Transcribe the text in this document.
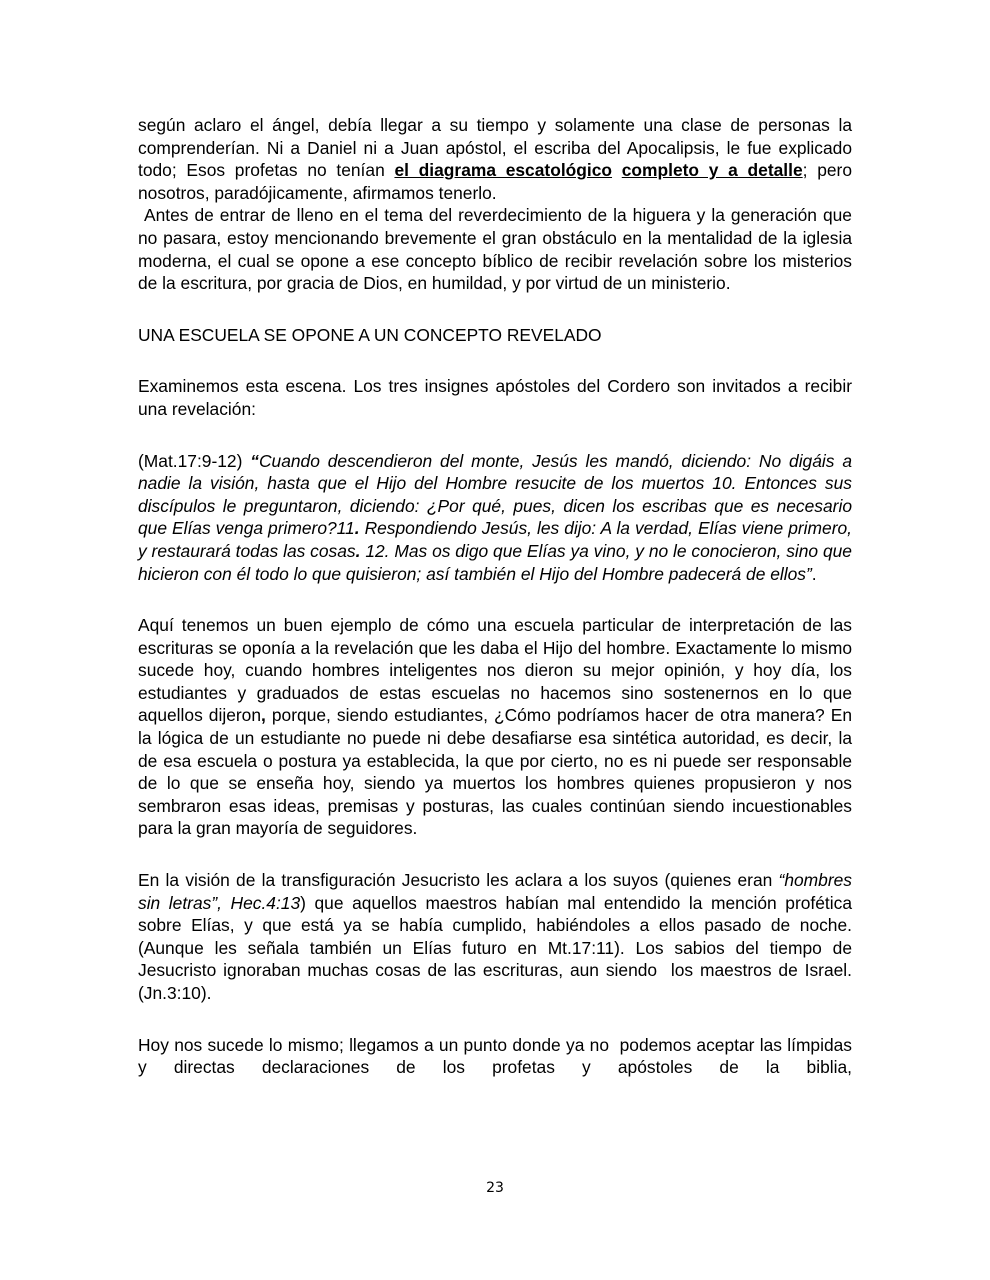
según aclaro el ángel, debía llegar a su tiempo y solamente una clase de personas la comprenderían. Ni a Daniel ni a Juan apóstol, el escriba del Apocalipsis, le fue explicado todo; Esos profetas no tenían el diagrama escatológico completo y a detalle; pero nosotros, paradójicamente, afirmamos tenerlo.

Antes de entrar de lleno en el tema del reverdecimiento de la higuera y la generación que no pasara, estoy mencionando brevemente el gran obstáculo en la mentalidad de la iglesia moderna, el cual se opone a ese concepto bíblico de recibir revelación sobre los misterios de la escritura, por gracia de Dios, en humildad, y por virtud de un ministerio.

UNA ESCUELA SE OPONE A UN CONCEPTO REVELADO

Examinemos esta escena. Los tres insignes apóstoles del Cordero son invitados a recibir una revelación:

(Mat.17:9-12) “Cuando descendieron del monte, Jesús les mandó, diciendo: No digáis a nadie la visión, hasta que el Hijo del Hombre resucite de los muertos 10. Entonces sus discípulos le preguntaron, diciendo: ¿Por qué, pues, dicen los escribas que es necesario que Elías venga primero?11. Respondiendo Jesús, les dijo: A la verdad, Elías viene primero, y restaurará todas las cosas. 12. Mas os digo que Elías ya vino, y no le conocieron, sino que hicieron con él todo lo que quisieron; así también el Hijo del Hombre padecerá de ellos”.

Aquí tenemos un buen ejemplo de cómo una escuela particular de interpretación de las escrituras se oponía a la revelación que les daba el Hijo del hombre. Exactamente lo mismo sucede hoy, cuando hombres inteligentes nos dieron su mejor opinión, y hoy día, los estudiantes y graduados de estas escuelas no hacemos sino sostenernos en lo que aquellos dijeron, porque, siendo estudiantes, ¿Cómo podríamos hacer de otra manera? En la lógica de un estudiante no puede ni debe desafiarse esa sintética autoridad, es decir, la de esa escuela o postura ya establecida, la que por cierto, no es ni puede ser responsable de lo que se enseña hoy, siendo ya muertos los hombres quienes propusieron y nos sembraron esas ideas, premisas y posturas, las cuales continúan siendo incuestionables para la gran mayoría de seguidores.

En la visión de la transfiguración Jesucristo les aclara a los suyos (quienes eran “hombres sin letras”, Hec.4:13) que aquellos maestros habían mal entendido la mención profética sobre Elías, y que está ya se había cumplido, habiéndoles a ellos pasado de noche. (Aunque les señala también un Elías futuro en Mt.17:11). Los sabios del tiempo de Jesucristo ignoraban muchas cosas de las escrituras, aun siendo  los maestros de Israel. (Jn.3:10).

Hoy nos sucede lo mismo; llegamos a un punto donde ya no  podemos aceptar las límpidas y directas declaraciones de los profetas y apóstoles de la biblia,

23
